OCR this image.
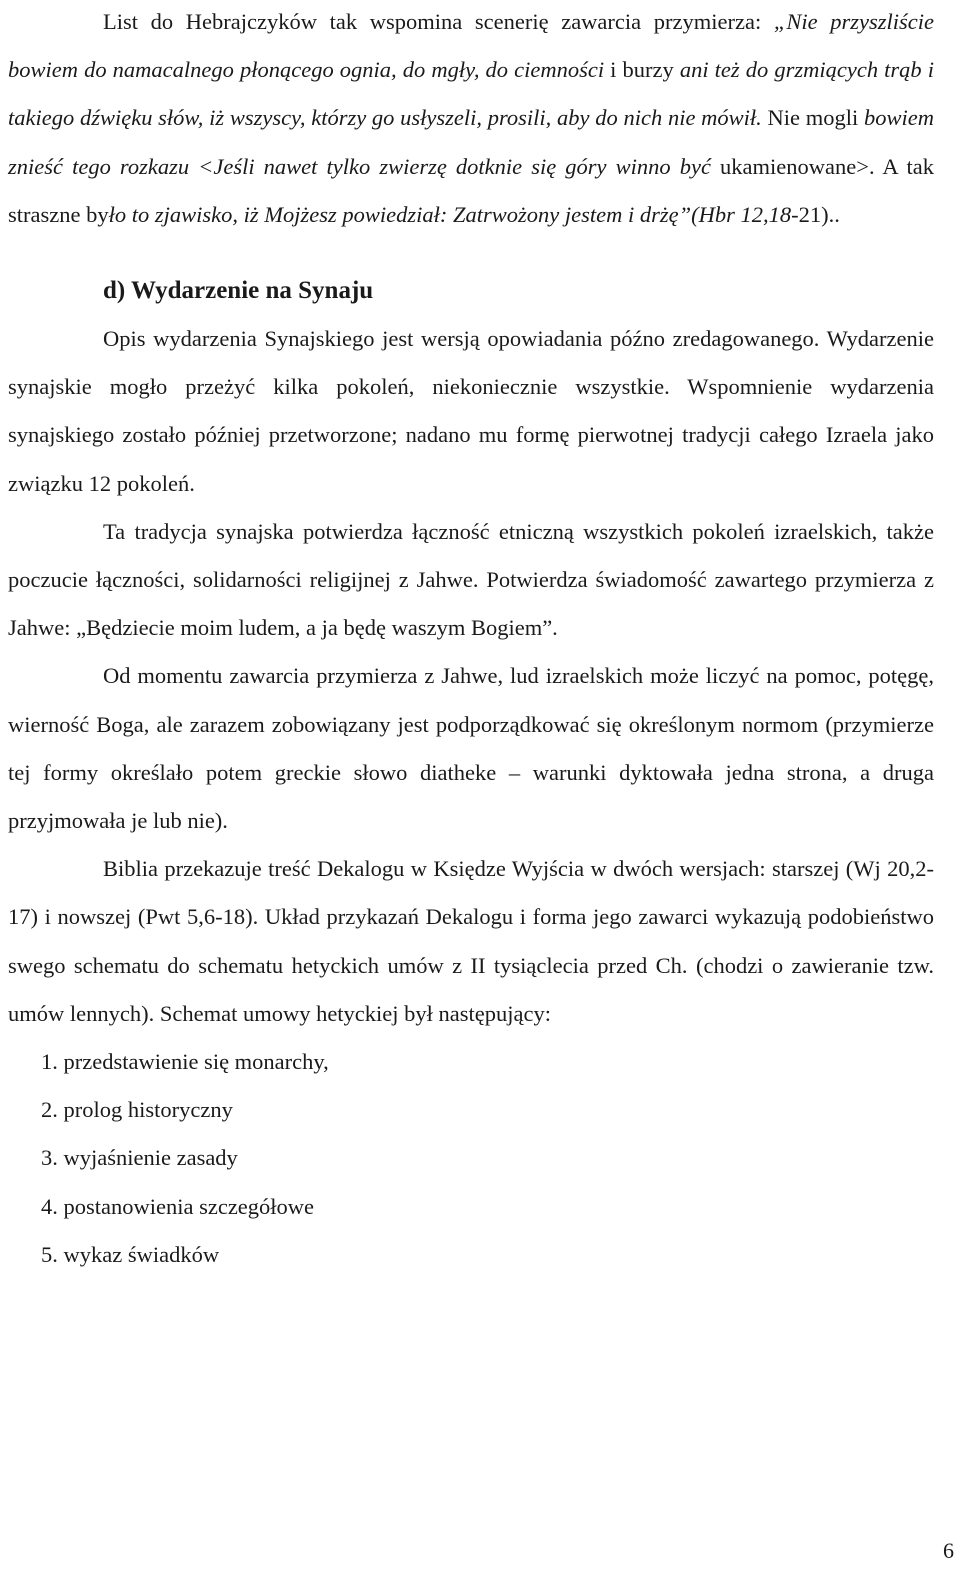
List do Hebrajczyków tak wspomina scenerię zawarcia przymierza: „Nie przyszliście bowiem do namacalnego płonącego ognia, do mgły, do ciemności i burzy ani też do grzmiących trąb i takiego dźwięku słów, iż wszyscy, którzy go usłyszeli, prosili, aby do nich nie mówił. Nie mogli bowiem znieść tego rozkazu <Jeśli nawet tylko zwierzę dotknie się góry winno być ukamienowane>. A tak straszne było to zjawisko, iż Mojżesz powiedział: Zatrwożony jestem i drżę”(Hbr 12,18-21)..

d) Wydarzenie na Synaju

Opis wydarzenia Synajskiego jest wersją opowiadania późno zredagowanego. Wydarzenie synajskie mogło przeżyć kilka pokoleń, niekoniecznie wszystkie. Wspomnienie wydarzenia synajskiego zostało później przetworzone; nadano mu formę pierwotnej tradycji całego Izraela jako związku 12 pokoleń.

Ta tradycja synajska potwierdza łączność etniczną wszystkich pokoleń izraelskich, także poczucie łączności, solidarności religijnej z Jahwe. Potwierdza świadomość zawartego przymierza z Jahwe: „Będziecie moim ludem, a ja będę waszym Bogiem”.

Od momentu zawarcia przymierza z Jahwe, lud izraelskich może liczyć na pomoc, potęgę, wierność Boga, ale zarazem zobowiązany jest podporządkować się określonym normom (przymierze tej formy określało potem greckie słowo diatheke – warunki dyktowała jedna strona, a druga przyjmowała je lub nie).

Biblia przekazuje treść Dekalogu w Księdze Wyjścia w dwóch wersjach: starszej (Wj 20,2-17) i nowszej (Pwt 5,6-18). Układ przykazań Dekalogu i forma jego zawarci wykazują podobieństwo swego schematu do schematu hetyckich umów z II tysiąclecia przed Ch. (chodzi o zawieranie tzw. umów lennych). Schemat umowy hetyckiej był następujący:

1. przedstawienie się monarchy,
2. prolog historyczny
3. wyjaśnienie zasady
4. postanowienia szczegółowe
5. wykaz świadków
6
